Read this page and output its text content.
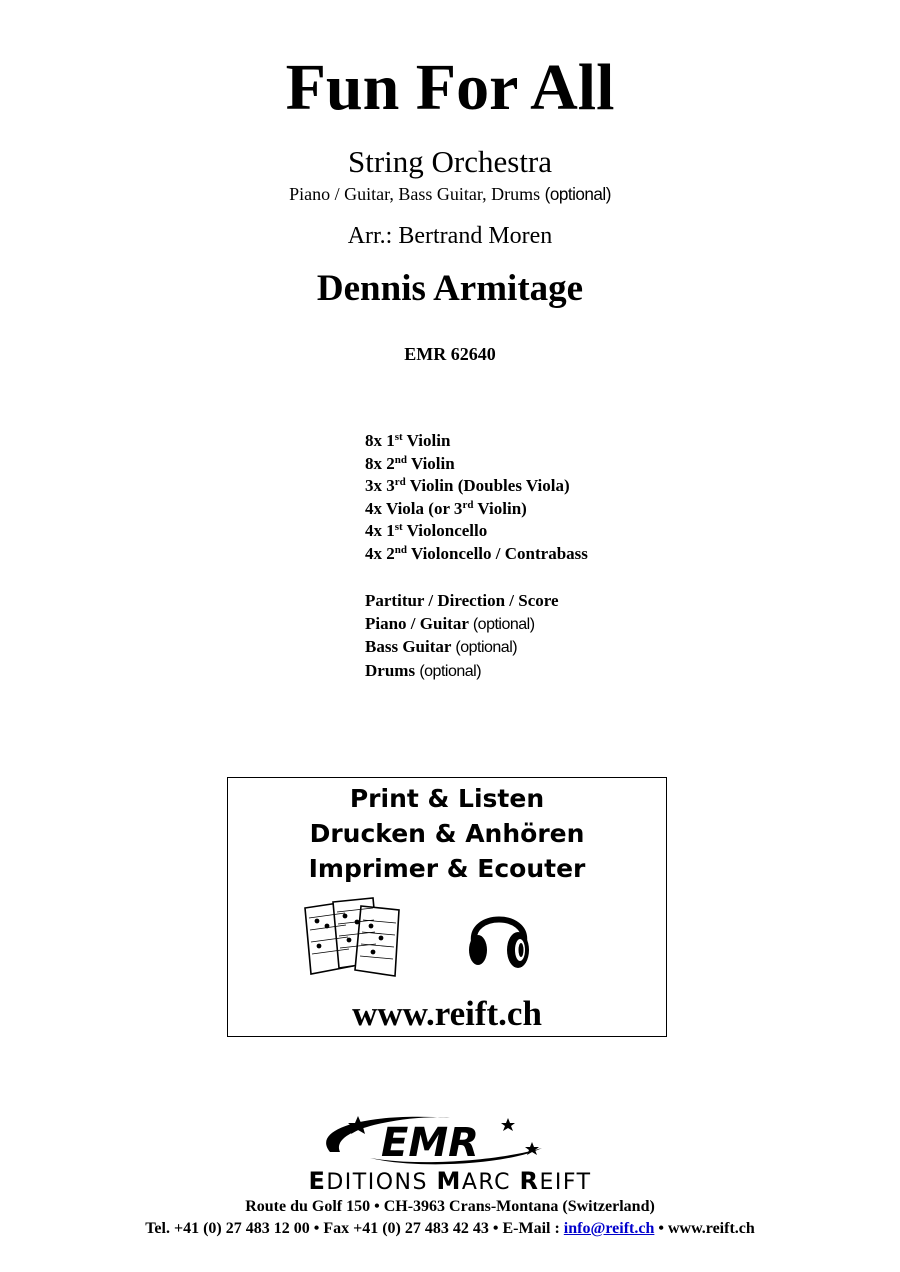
Fun For All
String Orchestra
Piano / Guitar, Bass Guitar, Drums (optional)
Arr.: Bertrand Moren
Dennis Armitage
EMR 62640
8x 1st Violin
8x 2nd Violin
3x 3rd Violin (Doubles Viola)
4x Viola (or 3rd Violin)
4x 1st Violoncello
4x 2nd Violoncello / Contrabass
Partitur / Direction / Score
Piano / Guitar (optional)
Bass Guitar (optional)
Drums (optional)
Print & Listen
Drucken & Anhören
Imprimer & Ecouter
www.reift.ch
EMR
EDITIONS MARC REIFT
Route du Golf 150 • CH-3963 Crans-Montana (Switzerland)
Tel. +41 (0) 27 483 12 00 • Fax +41 (0) 27 483 42 43 • E-Mail : info@reift.ch • www.reift.ch
